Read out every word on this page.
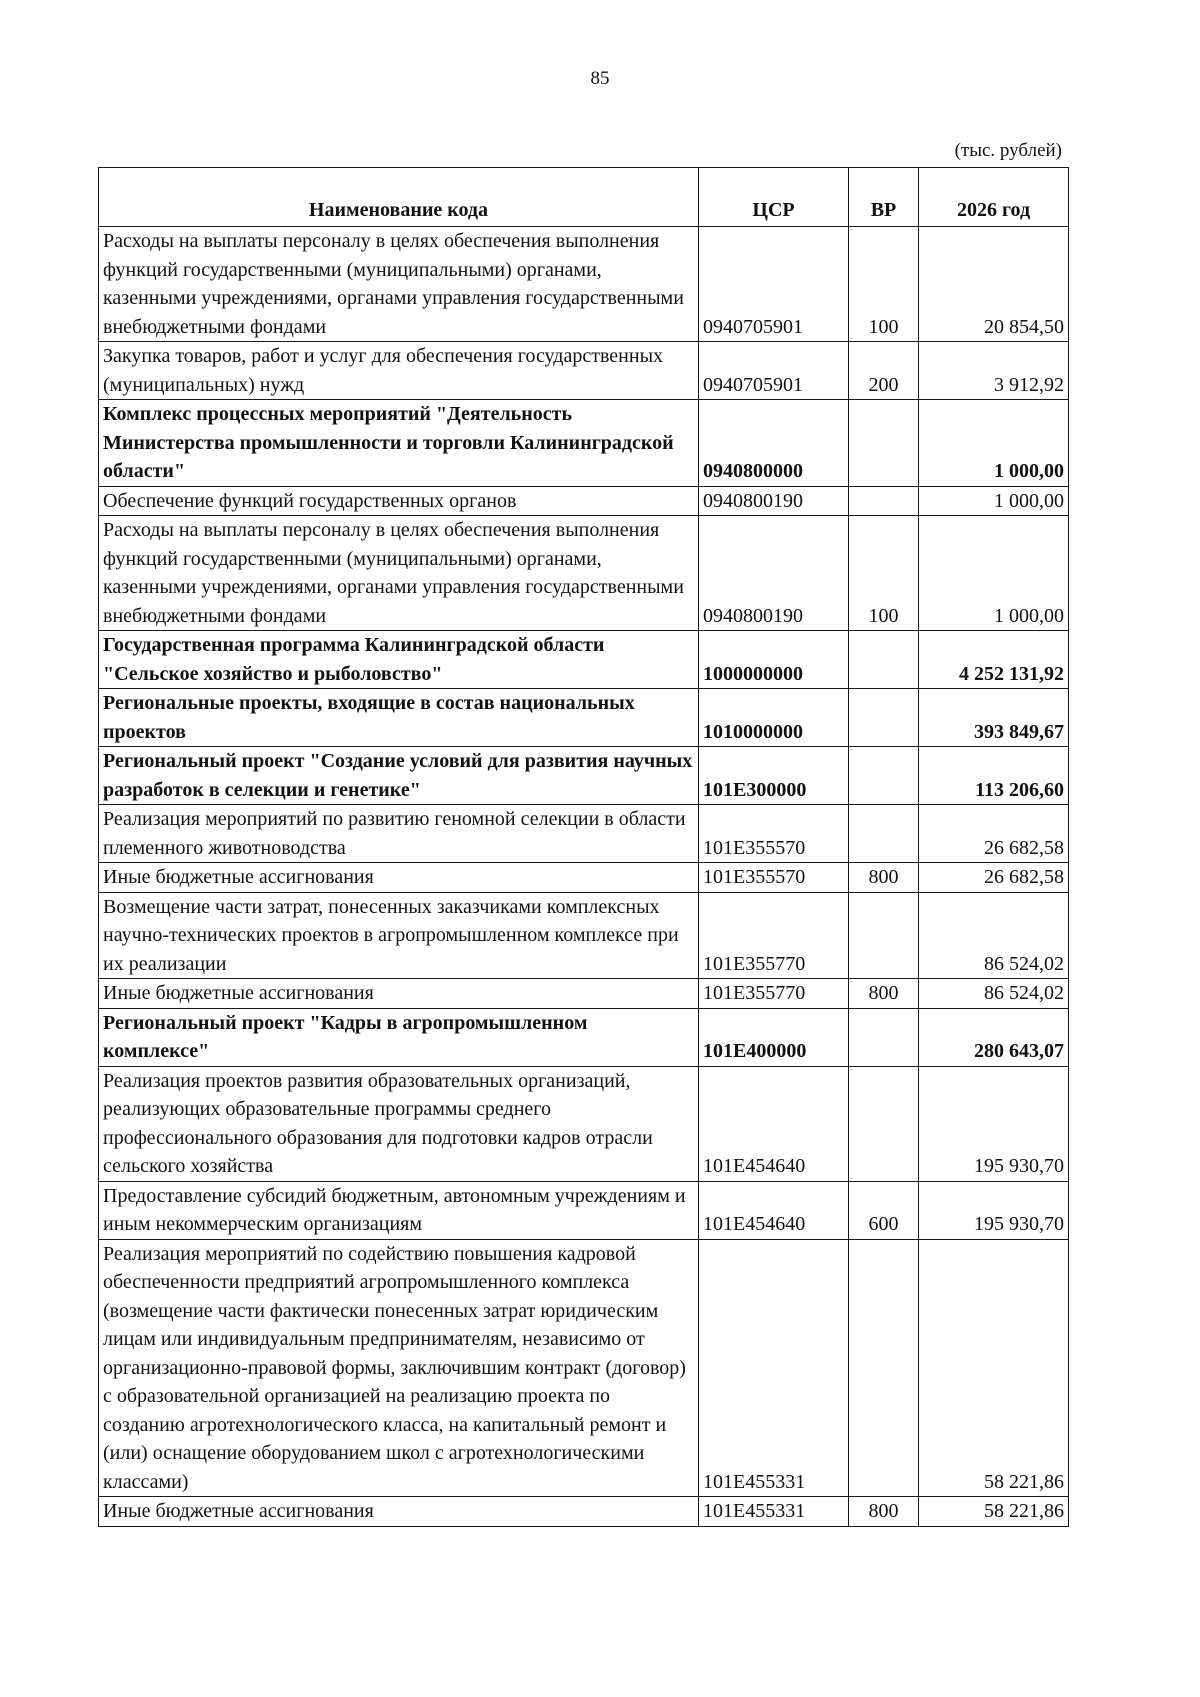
85
(тыс. рублей)
Наименование кода	ЦСР	ВР	2026 год
Расходы на выплаты персоналу в целях обеспечения выполнения функций государственными (муниципальными) органами, казенными учреждениями, органами управления государственными внебюджетными фондами	0940705901	100	20 854,50
Закупка товаров, работ и услуг для обеспечения государственных (муниципальных) нужд	0940705901	200	3 912,92
Комплекс процессных мероприятий "Деятельность Министерства промышленности и торговли Калининградской области"	0940800000		1 000,00
Обеспечение функций государственных органов	0940800190		1 000,00
Расходы на выплаты персоналу в целях обеспечения выполнения функций государственными (муниципальными) органами, казенными учреждениями, органами управления государственными внебюджетными фондами	0940800190	100	1 000,00
Государственная программа Калининградской области "Сельское хозяйство и рыболовство"	1000000000		4 252 131,92
Региональные проекты, входящие в состав национальных проектов	1010000000		393 849,67
Региональный проект "Создание условий для развития научных разработок в селекции и генетике"	101E300000		113 206,60
Реализация мероприятий по развитию геномной селекции в области племенного животноводства	101E355570		26 682,58
Иные бюджетные ассигнования	101E355570	800	26 682,58
Возмещение части затрат, понесенных заказчиками комплексных научно-технических проектов в агропромышленном комплексе при их реализации	101E355770		86 524,02
Иные бюджетные ассигнования	101E355770	800	86 524,02
Региональный проект "Кадры в агропромышленном комплексе"	101E400000		280 643,07
Реализация проектов развития образовательных организаций, реализующих образовательные программы среднего профессионального образования для подготовки кадров отрасли сельского хозяйства	101E454640		195 930,70
Предоставление субсидий бюджетным, автономным учреждениям и иным некоммерческим организациям	101E454640	600	195 930,70
Реализация мероприятий по содействию повышения кадровой обеспеченности предприятий агропромышленного комплекса (возмещение части фактически понесенных затрат юридическим лицам или индивидуальным предпринимателям, независимо от организационно-правовой формы, заключившим контракт (договор) с образовательной организацией на реализацию проекта по созданию агротехнологического класса, на капитальный ремонт и (или) оснащение оборудованием школ с агротехнологическими классами)	101E455331		58 221,86
Иные бюджетные ассигнования	101E455331	800	58 221,86
